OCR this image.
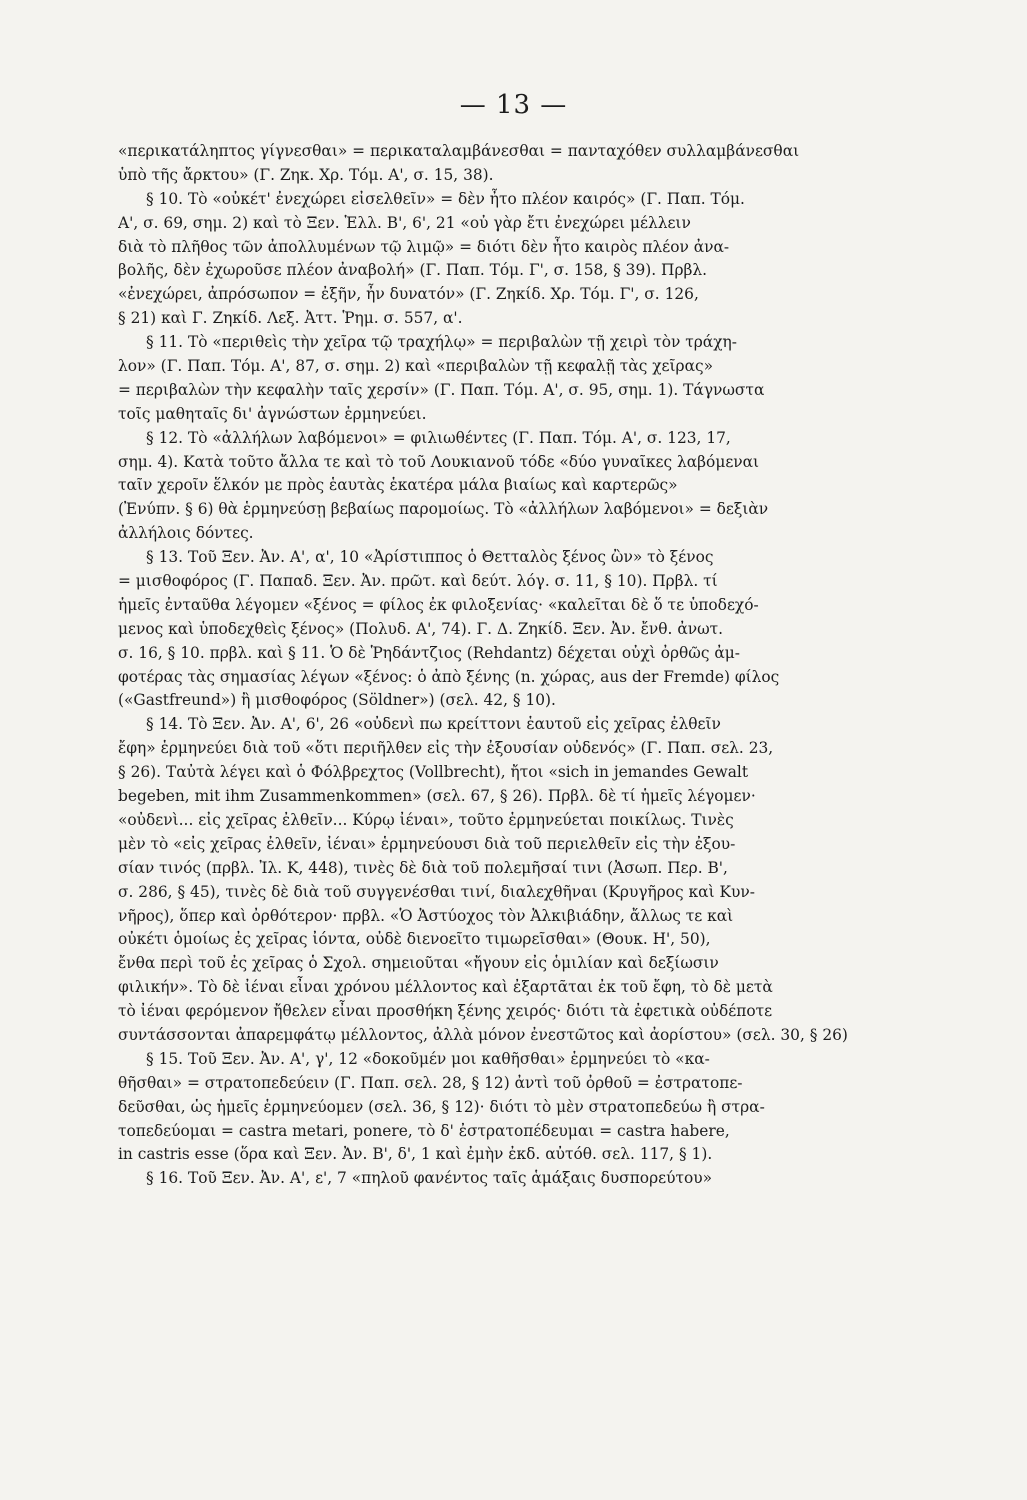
— 13 —
«περικατάληπτος γίγνεσθαι» = περικαταλαμβάνεσθαι = πανταχόθεν συλλαμβάνεσθαι
ὑπὸ τῆς ἄρκτου» (Γ. Ζηκ. Χρ. Τόμ. Α', σ. 15, 38).
§ 10. Τὸ «οὐκέτ' ἐνεχώρει εἰσελθεῖν» = δὲν ἦτο πλέον καιρός» (Γ. Παπ. Τόμ.
Α', σ. 69, σημ. 2) καὶ τὸ Ξεν. Ἑλλ. Β', 6', 21 «οὐ γὰρ ἔτι ἐνεχώρει μέλλειν
διὰ τὸ πλῆθος τῶν ἀπολλυμένων τῷ λιμῷ» = διότι δὲν ἦτο καιρὸς πλέον ἀνα-
βολῆς, δὲν ἐχωροῦσε πλέον ἀναβολή» (Γ. Παπ. Τόμ. Γ', σ. 158, § 39). Πρβλ.
«ἐνεχώρει, ἀπρόσωπον = ἐξῆν, ἦν δυνατόν» (Γ. Ζηκίδ. Χρ. Τόμ. Γ', σ. 126,
§ 21) καὶ Γ. Ζηκίδ. Λεξ. Ἀττ. Ῥημ. σ. 557, α'.
§ 11. Τὸ «περιθεὶς τὴν χεῖρα τῷ τραχήλῳ» = περιβαλὼν τῇ χειρὶ τὸν τράχη-
λον» (Γ. Παπ. Τόμ. Α', 87, σ. σημ. 2) καὶ «περιβαλὼν τῇ κεφαλῇ τὰς χεῖρας»
= περιβαλὼν τὴν κεφαλὴν ταῖς χερσίν» (Γ. Παπ. Τόμ. Α', σ. 95, σημ. 1). Τάγνωστα
τοῖς μαθηταῖς δι' ἀγνώστων ἑρμηνεύει.
§ 12. Τὸ «ἀλλήλων λαβόμενοι» = φιλιωθέντες (Γ. Παπ. Τόμ. Α', σ. 123, 17,
σημ. 4). Κατὰ τοῦτο ἄλλα τε καὶ τὸ τοῦ Λουκιανοῦ τόδε «δύο γυναῖκες λαβόμεναι
ταῖν χεροῖν ἕλκόν με πρὸς ἑαυτὰς ἑκατέρα μάλα βιαίως καὶ καρτερῶς»
(Ἐνύπν. § 6) θὰ ἑρμηνεύσῃ βεβαίως παρομοίως. Τὸ «ἀλλήλων λαβόμενοι» = δεξιὰν
ἀλλήλοις δόντες.
§ 13. Τοῦ Ξεν. Ἀν. Α', α', 10 «Ἀρίστιππος ὁ Θετταλὸς ξένος ὢν» τὸ ξένος
= μισθοφόρος (Γ. Παπαδ. Ξεν. Ἀν. πρῶτ. καὶ δεύτ. λόγ. σ. 11, § 10). Πρβλ. τί
ἡμεῖς ἐνταῦθα λέγομεν «ξένος = φίλος ἐκ φιλοξενίας· «καλεῖται δὲ ὅ τε ὑποδεχό-
μενος καὶ ὑποδεχθεὶς ξένος» (Πολυδ. Α', 74). Γ. Δ. Ζηκίδ. Ξεν. Ἀν. ἔνθ. ἀνωτ.
σ. 16, § 10. πρβλ. καὶ § 11. Ὁ δὲ Ῥηδάντζιος (Rehdantz) δέχεται οὐχὶ ὀρθῶς ἀμ-
φοτέρας τὰς σημασίας λέγων «ξένος: ὁ ἀπὸ ξένης (n. χώρας, aus der Fremde) φίλος
(«Gastfreund») ἢ μισθοφόρος (Söldner») (σελ. 42, § 10).
§ 14. Τὸ Ξεν. Ἀν. Α', 6', 26 «οὐδενὶ πω κρείττονι ἑαυτοῦ εἰς χεῖρας ἐλθεῖν
ἔφη» ἑρμηνεύει διὰ τοῦ «ὅτι περιῆλθεν εἰς τὴν ἐξουσίαν οὐδενός» (Γ. Παπ. σελ. 23,
§ 26). Ταὐτὰ λέγει καὶ ὁ Φόλβρεχτος (Vollbrecht), ἤτοι «sich in jemandes Gewalt
begeben, mit ihm Zusammenkommen» (σελ. 67, § 26). Πρβλ. δὲ τί ἡμεῖς λέγομεν·
«οὐδενὶ... εἰς χεῖρας ἐλθεῖν... Κύρῳ ἰέναι», τοῦτο ἑρμηνεύεται ποικίλως. Τινὲς
μὲν τὸ «εἰς χεῖρας ἐλθεῖν, ἰέναι» ἑρμηνεύουσι διὰ τοῦ περιελθεῖν εἰς τὴν ἐξου-
σίαν τινός (πρβλ. Ἰλ. Κ, 448), τινὲς δὲ διὰ τοῦ πολεμῆσαί τινι (Ἀσωπ. Περ. Β',
σ. 286, § 45), τινὲς δὲ διὰ τοῦ συγγενέσθαι τινί, διαλεχθῆναι (Κρυγῆρος καὶ Κυν-
νῆρος), ὅπερ καὶ ὀρθότερον· πρβλ. «Ὁ Ἀστύοχος τὸν Ἀλκιβιάδην, ἄλλως τε καὶ
οὐκέτι ὁμοίως ἐς χεῖρας ἰόντα, οὐδὲ διενοεῖτο τιμωρεῖσθαι» (Θουκ. Η', 50),
ἔνθα περὶ τοῦ ἐς χεῖρας ὁ Σχολ. σημειοῦται «ἤγουν εἰς ὁμιλίαν καὶ δεξίωσιν
φιλικήν». Τὸ δὲ ἰέναι εἶναι χρόνου μέλλοντος καὶ ἐξαρτᾶται ἐκ τοῦ ἔφη, τὸ δὲ μετὰ
τὸ ἰέναι φερόμενον ἤθελεν εἶναι προσθήκη ξένης χειρός· διότι τὰ ἐφετικὰ οὐδέποτε
συντάσσονται ἀπαρεμφάτῳ μέλλοντος, ἀλλὰ μόνον ἐνεστῶτος καὶ ἀορίστου» (σελ. 30, § 26)
§ 15. Τοῦ Ξεν. Ἀν. Α', γ', 12 «δοκοῦμέν μοι καθῆσθαι» ἑρμηνεύει τὸ «κα-
θῆσθαι» = στρατοπεδεύειν (Γ. Παπ. σελ. 28, § 12) ἀντὶ τοῦ ὀρθοῦ = ἐστρατοπε-
δεῦσθαι, ὡς ἡμεῖς ἑρμηνεύομεν (σελ. 36, § 12)· διότι τὸ μὲν στρατοπεδεύω ἢ στρα-
τοπεδεύομαι = castra metari, ponere, τὸ δ' ἐστρατοπέδευμαι = castra habere,
in castris esse (ὅρα καὶ Ξεν. Ἀν. Β', δ', 1 καὶ ἐμὴν ἐκδ. αὐτόθ. σελ. 117, § 1).
§ 16. Τοῦ Ξεν. Ἀν. Α', ε', 7 «πηλοῦ φανέντος ταῖς ἁμάξαις δυσπορεύτου»
